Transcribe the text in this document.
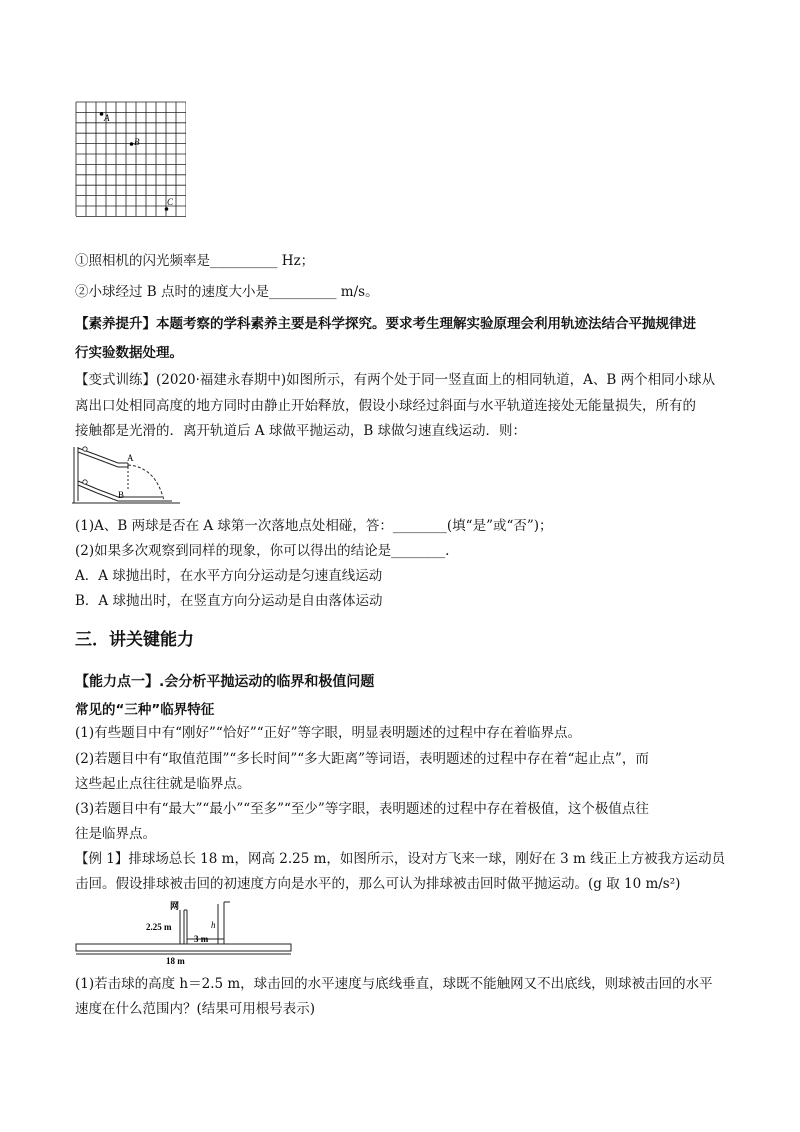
A
B
C
①照相机的闪光频率是__________ Hz；
②小球经过 B 点时的速度大小是__________ m/s。
【素养提升】本题考察的学科素养主要是科学探究。要求考生理解实验原理会利用轨迹法结合平抛规律进
行实验数据处理。
【变式训练】(2020·福建永春期中)如图所示，有两个处于同一竖直面上的相同轨道，A、B 两个相同小球从
离出口处相同高度的地方同时由静止开始释放，假设小球经过斜面与水平轨道连接处无能量损失，所有的
接触都是光滑的．离开轨道后 A 球做平抛运动，B 球做匀速直线运动．则：
A
B
(1)A、B 两球是否在 A 球第一次落地点处相碰，答：________(填“是”或“否”)；
(2)如果多次观察到同样的现象，你可以得出的结论是________.
A．A 球抛出时，在水平方向分运动是匀速直线运动
B．A 球抛出时，在竖直方向分运动是自由落体运动
三．讲关键能力
【能力点一】.会分析平抛运动的临界和极值问题
常见的“三种”临界特征
(1)有些题目中有“刚好”“恰好”“正好”等字眼，明显表明题述的过程中存在着临界点。
(2)若题目中有“取值范围”“多长时间”“多大距离”等词语，表明题述的过程中存在着“起止点”，而
这些起止点往往就是临界点。
(3)若题目中有“最大”“最小”“至多”“至少”等字眼，表明题述的过程中存在着极值，这个极值点往
往是临界点。
【例 1】排球场总长 18 m，网高 2.25 m，如图所示，设对方飞来一球，刚好在 3 m 线正上方被我方运动员
击回。假设排球被击回的初速度方向是水平的，那么可认为排球被击回时做平抛运动。(g 取 10 m/s²)
网
2.25 m	h
3 m
18 m
(1)若击球的高度 h＝2.5 m，球击回的水平速度与底线垂直，球既不能触网又不出底线，则球被击回的水平
速度在什么范围内？(结果可用根号表示)
